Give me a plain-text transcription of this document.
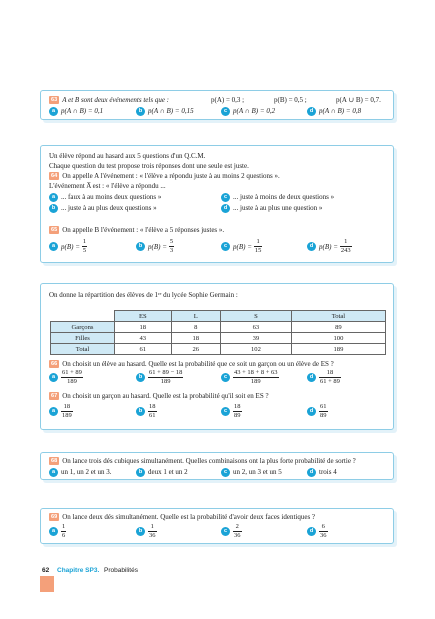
63 A et B sont deux événements tels que :	p(A) = 0,3 ;	p(B) = 0,5 ;	p(A ∪ B) = 0,7.
a p(A ∩ B) = 0,1	b p(A ∩ B) = 0,15	c p(A ∩ B) = 0,2	d p(A ∩ B) = 0,8
Un élève répond au hasard aux 5 questions d'un Q.C.M.
Chaque question du test propose trois réponses dont une seule est juste.
64 On appelle A l'événement : « l'élève a répondu juste à au moins 2 questions ».
L'événement A̅ est : « l'élève a répondu ...
a ... faux à au moins deux questions »	c ... juste à moins de deux questions »
b ... juste à au plus deux questions »	d ... juste à au plus une question »
65 On appelle B l'événement : « l'élève a 5 réponses justes ».
a $p(B) = \frac{1}{5}$	b $p(B) = \frac{5}{3}$	c $p(B) = \frac{1}{15}$	d $p(B) = \frac{1}{243}$
On donne la répartition des élèves de 1ʳᵉ du lycée Sophie Germain :
	ES	L	S	Total
Garçons	18	8	63	89
Filles	43	18	39	100
Total	61	26	102	189
66 On choisit un élève au hasard. Quelle est la probabilité que ce soit un garçon ou un élève de ES ?
a $\frac{61 + 89}{189}$	b $\frac{61 + 89 - 18}{189}$	c $\frac{43 + 18 + 8 + 63}{189}$	d $\frac{18}{61 + 89}$
67 On choisit un garçon au hasard. Quelle est la probabilité qu'il soit en ES ?
a $\frac{18}{189}$	b $\frac{18}{61}$	c $\frac{18}{89}$	d $\frac{61}{89}$
68 On lance trois dés cubiques simultanément. Quelles combinaisons ont la plus forte probabilité de sortie ?
a un 1, un 2 et un 3.	b deux 1 et un 2	c un 2, un 3 et un 5	d trois 4
69 On lance deux dés simultanément. Quelle est la probabilité d'avoir deux faces identiques ?
a $\frac{1}{6}$	b $\frac{1}{36}$	c $\frac{2}{36}$	d $\frac{6}{36}$
62 Chapitre SP3. Probabilités
